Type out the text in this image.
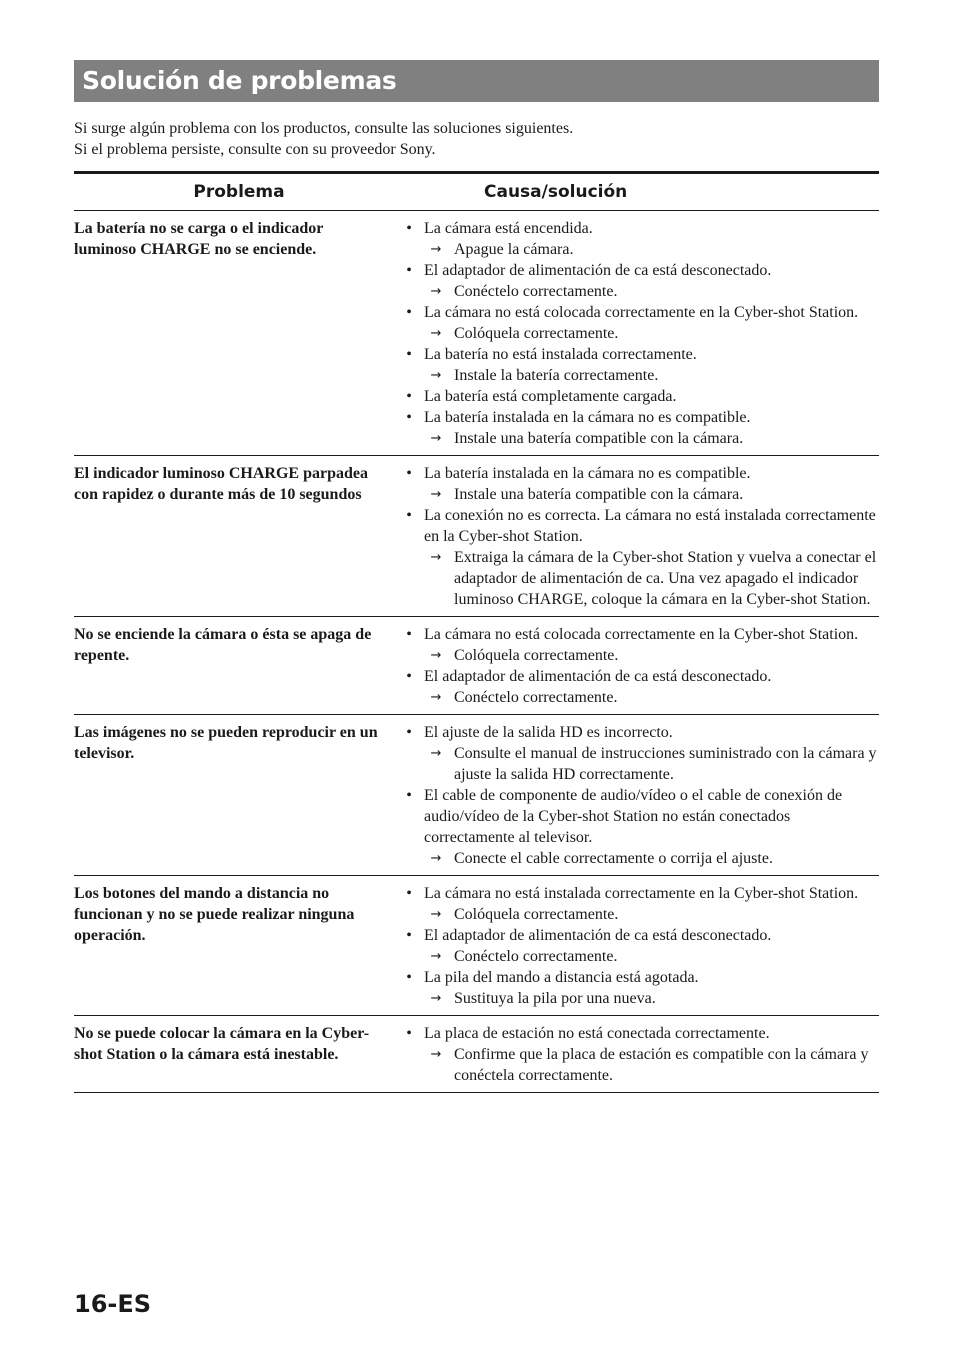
Solución de problemas

Si surge algún problema con los productos, consulte las soluciones siguientes.

Si el problema persiste, consulte con su proveedor Sony.

Problema	Causa/solución
La batería no se carga o el indicador luminoso CHARGE no se enciende.
• La cámara está encendida.
→ Apague la cámara.
• El adaptador de alimentación de ca está desconectado.
→ Conéctelo correctamente.
• La cámara no está colocada correctamente en la Cyber-shot Station.
→ Colóquela correctamente.
• La batería no está instalada correctamente.
→ Instale la batería correctamente.
• La batería está completamente cargada.
• La batería instalada en la cámara no es compatible.
→ Instale una batería compatible con la cámara.
El indicador luminoso CHARGE parpadea con rapidez o durante más de 10 segundos
• La batería instalada en la cámara no es compatible.
→ Instale una batería compatible con la cámara.
• La conexión no es correcta. La cámara no está instalada correctamente en la Cyber-shot Station.
→ Extraiga la cámara de la Cyber-shot Station y vuelva a conectar el adaptador de alimentación de ca. Una vez apagado el indicador luminoso CHARGE, coloque la cámara en la Cyber-shot Station.
No se enciende la cámara o ésta se apaga de repente.
• La cámara no está colocada correctamente en la Cyber-shot Station.
→ Colóquela correctamente.
• El adaptador de alimentación de ca está desconectado.
→ Conéctelo correctamente.
Las imágenes no se pueden reproducir en un televisor.
• El ajuste de la salida HD es incorrecto.
→ Consulte el manual de instrucciones suministrado con la cámara y ajuste la salida HD correctamente.
• El cable de componente de audio/vídeo o el cable de conexión de audio/vídeo de la Cyber-shot Station no están conectados correctamente al televisor.
→ Conecte el cable correctamente o corrija el ajuste.
Los botones del mando a distancia no funcionan y no se puede realizar ninguna operación.
• La cámara no está instalada correctamente en la Cyber-shot Station.
→ Colóquela correctamente.
• El adaptador de alimentación de ca está desconectado.
→ Conéctelo correctamente.
• La pila del mando a distancia está agotada.
→ Sustituya la pila por una nueva.
No se puede colocar la cámara en la Cyber-shot Station o la cámara está inestable.
• La placa de estación no está conectada correctamente.
→ Confirme que la placa de estación es compatible con la cámara y conéctela correctamente.
16-ES
